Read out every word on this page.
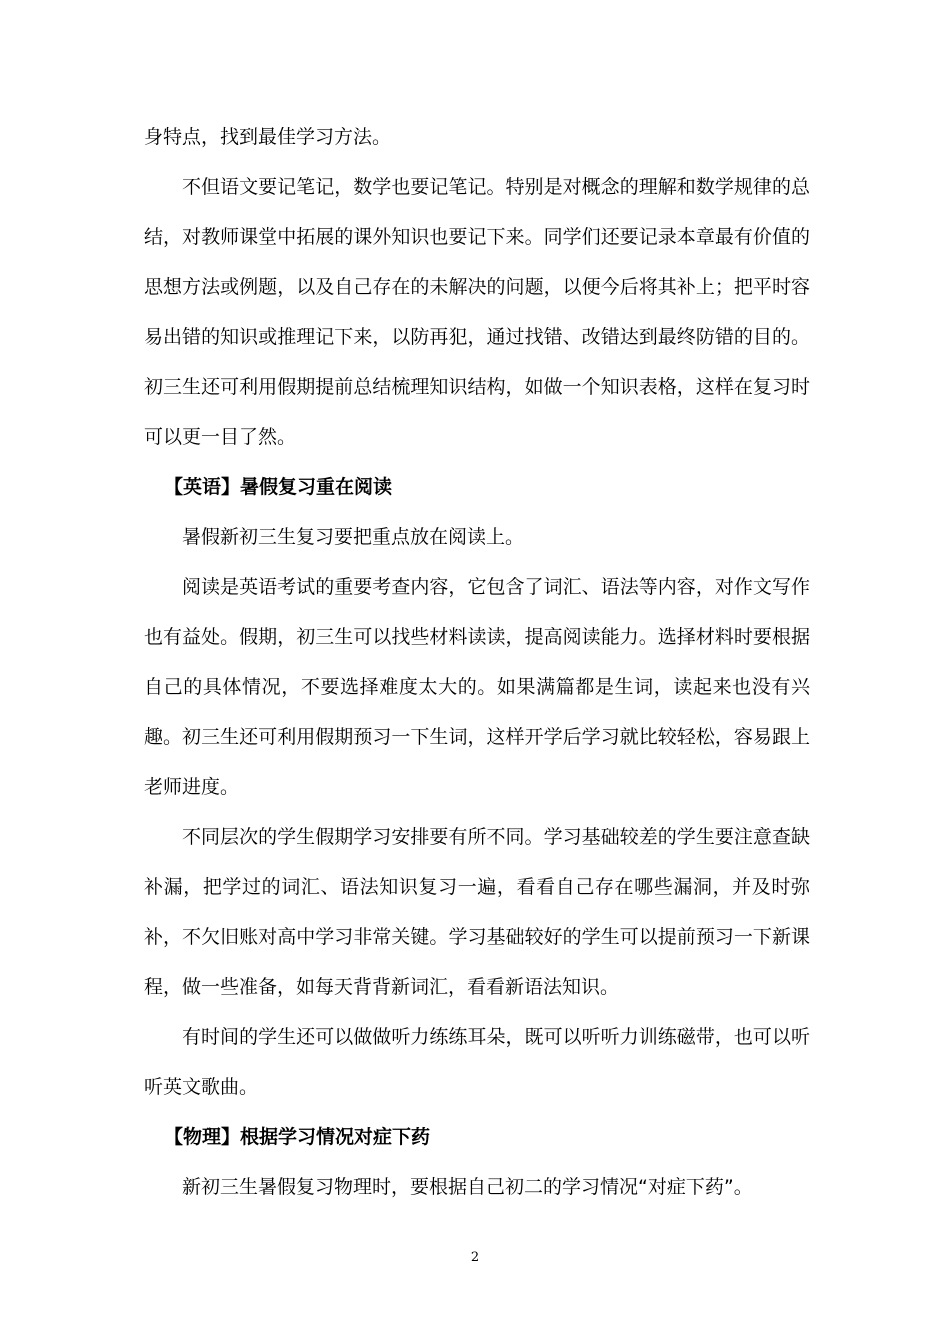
身特点，找到最佳学习方法。

不但语文要记笔记，数学也要记笔记。特别是对概念的理解和数学规律的总结，对教师课堂中拓展的课外知识也要记下来。同学们还要记录本章最有价值的思想方法或例题，以及自己存在的未解决的问题，以便今后将其补上；把平时容易出错的知识或推理记下来，以防再犯，通过找错、改错达到最终防错的目的。初三生还可利用假期提前总结梳理知识结构，如做一个知识表格，这样在复习时可以更一目了然。

【英语】暑假复习重在阅读

暑假新初三生复习要把重点放在阅读上。

阅读是英语考试的重要考查内容，它包含了词汇、语法等内容，对作文写作也有益处。假期，初三生可以找些材料读读，提高阅读能力。选择材料时要根据自己的具体情况，不要选择难度太大的。如果满篇都是生词，读起来也没有兴趣。初三生还可利用假期预习一下生词，这样开学后学习就比较轻松，容易跟上老师进度。

不同层次的学生假期学习安排要有所不同。学习基础较差的学生要注意查缺补漏，把学过的词汇、语法知识复习一遍，看看自己存在哪些漏洞，并及时弥补，不欠旧账对高中学习非常关键。学习基础较好的学生可以提前预习一下新课程，做一些准备，如每天背背新词汇，看看新语法知识。

有时间的学生还可以做做听力练练耳朵，既可以听听力训练磁带，也可以听听英文歌曲。

【物理】根据学习情况对症下药

新初三生暑假复习物理时，要根据自己初二的学习情况“对症下药”。

2
